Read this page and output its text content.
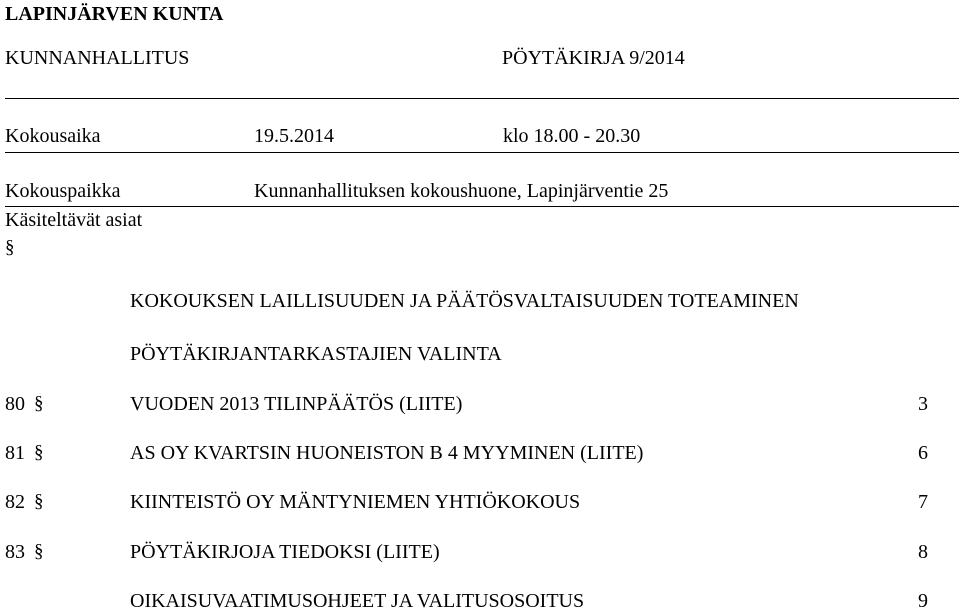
LAPINJÄRVEN KUNTA
KUNNANHALLITUS	PÖYTÄKIRJA 9/2014
Kokousaika	19.5.2014	klo 18.00 - 20.30
Kokouspaikka	Kunnanhallituksen kokoushuone, Lapinjärventie 25
Käsiteltävät asiat
§
KOKOUKSEN LAILLISUUDEN JA PÄÄTÖSVALTAISUUDEN TOTEAMINEN
PÖYTÄKIRJANTARKASTAJIEN VALINTA
80 §	VUODEN 2013 TILINPÄÄTÖS (LIITE)	3
81 §	AS OY KVARTSIN HUONEISTON B 4 MYYMINEN (LIITE)	6
82 §	KIINTEISTÖ OY MÄNTYNIEMEN YHTIÖKOKOUS	7
83 §	PÖYTÄKIRJOJA TIEDOKSI (LIITE)	8
OIKAISUVAATIMUSOHJEET JA VALITUSOSOITUS	9
